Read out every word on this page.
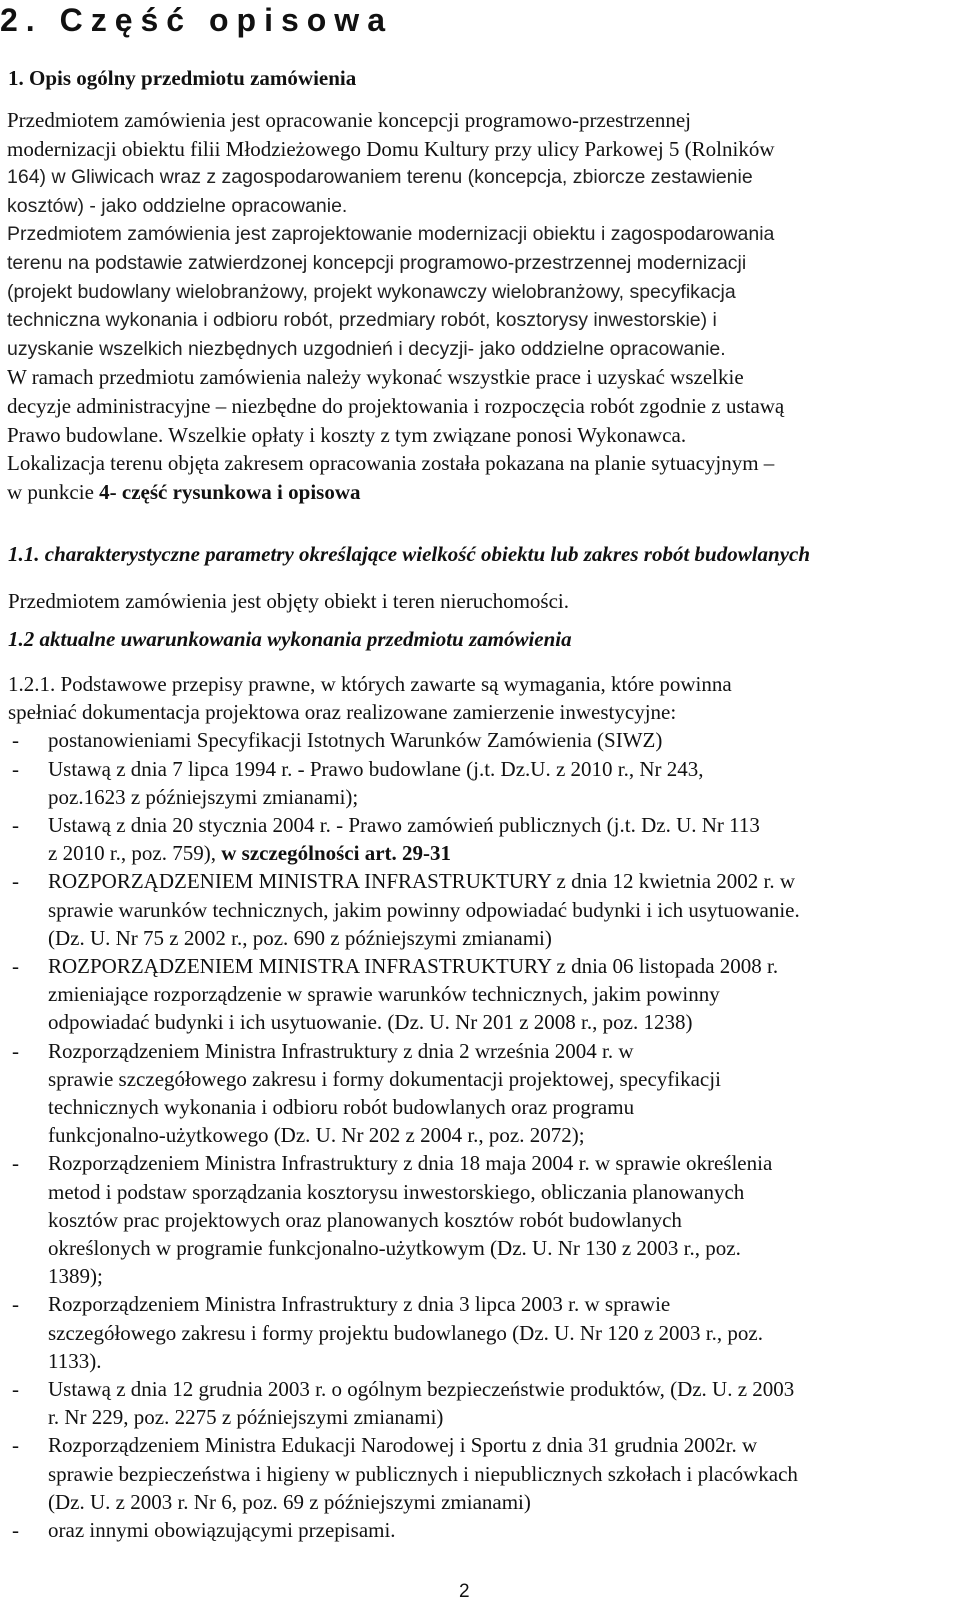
2. Część opisowa
1. Opis ogólny przedmiotu zamówienia
Przedmiotem zamówienia jest opracowanie koncepcji programowo-przestrzennej
modernizacji obiektu filii Młodzieżowego Domu Kultury przy ulicy Parkowej 5 (Rolników
164) w Gliwicach wraz z zagospodarowaniem terenu (koncepcja, zbiorcze zestawienie
kosztów) - jako oddzielne opracowanie.
Przedmiotem zamówienia jest zaprojektowanie modernizacji obiektu i zagospodarowania
terenu na podstawie zatwierdzonej koncepcji programowo-przestrzennej modernizacji
(projekt budowlany wielobranżowy, projekt wykonawczy wielobranżowy, specyfikacja
techniczna wykonania i odbioru robót, przedmiary robót, kosztorysy inwestorskie) i
uzyskanie wszelkich niezbędnych uzgodnień i decyzji- jako oddzielne opracowanie.
W ramach przedmiotu zamówienia należy wykonać wszystkie prace i uzyskać wszelkie
decyzje administracyjne – niezbędne do projektowania i rozpoczęcia robót zgodnie z ustawą
Prawo budowlane. Wszelkie opłaty i koszty z tym związane ponosi Wykonawca.
Lokalizacja terenu objęta zakresem opracowania została pokazana na planie sytuacyjnym –
w punkcie 4- część rysunkowa i opisowa
1.1. charakterystyczne parametry określające wielkość obiektu lub zakres robót budowlanych

Przedmiotem zamówienia jest objęty obiekt i teren nieruchomości.

1.2 aktualne uwarunkowania wykonania przedmiotu zamówienia
1.2.1. Podstawowe przepisy prawne, w których zawarte są wymagania, które powinna
spełniać dokumentacja projektowa oraz realizowane zamierzenie inwestycyjne:
- postanowieniami Specyfikacji Istotnych Warunków Zamówienia (SIWZ)
- Ustawą z dnia 7 lipca 1994 r. - Prawo budowlane (j.t. Dz.U. z 2010 r., Nr 243,
poz.1623 z późniejszymi zmianami);
- Ustawą z dnia 20 stycznia 2004 r. - Prawo zamówień publicznych (j.t. Dz. U. Nr 113
z 2010 r., poz. 759), w szczególności art. 29-31
- ROZPORZĄDZENIEM MINISTRA INFRASTRUKTURY z dnia 12 kwietnia 2002 r. w
sprawie warunków technicznych, jakim powinny odpowiadać budynki i ich usytuowanie.
(Dz. U. Nr 75 z 2002 r., poz. 690 z późniejszymi zmianami)
- ROZPORZĄDZENIEM MINISTRA INFRASTRUKTURY z dnia 06 listopada 2008 r.
zmieniające rozporządzenie w sprawie warunków technicznych, jakim powinny
odpowiadać budynki i ich usytuowanie. (Dz. U. Nr 201 z 2008 r., poz. 1238)
- Rozporządzeniem Ministra Infrastruktury z dnia 2 września 2004 r. w
sprawie szczegółowego zakresu i formy dokumentacji projektowej, specyfikacji
technicznych wykonania i odbioru robót budowlanych oraz programu
funkcjonalno-użytkowego (Dz. U. Nr 202 z 2004 r., poz. 2072);
- Rozporządzeniem Ministra Infrastruktury z dnia 18 maja 2004 r. w sprawie określenia
metod i podstaw sporządzania kosztorysu inwestorskiego, obliczania planowanych
kosztów prac projektowych oraz planowanych kosztów robót budowlanych
określonych w programie funkcjonalno-użytkowym (Dz. U. Nr 130 z 2003 r., poz.
1389);
- Rozporządzeniem Ministra Infrastruktury z dnia 3 lipca 2003 r. w sprawie
szczegółowego zakresu i formy projektu budowlanego (Dz. U. Nr 120 z 2003 r., poz.
1133).
- Ustawą z dnia 12 grudnia 2003 r. o ogólnym bezpieczeństwie produktów, (Dz. U. z 2003
r. Nr 229, poz. 2275 z późniejszymi zmianami)
- Rozporządzeniem Ministra Edukacji Narodowej i Sportu z dnia 31 grudnia 2002r. w
sprawie bezpieczeństwa i higieny w publicznych i niepublicznych szkołach i placówkach
(Dz. U. z 2003 r. Nr 6, poz. 69 z późniejszymi zmianami)
- oraz innymi obowiązującymi przepisami.
2
